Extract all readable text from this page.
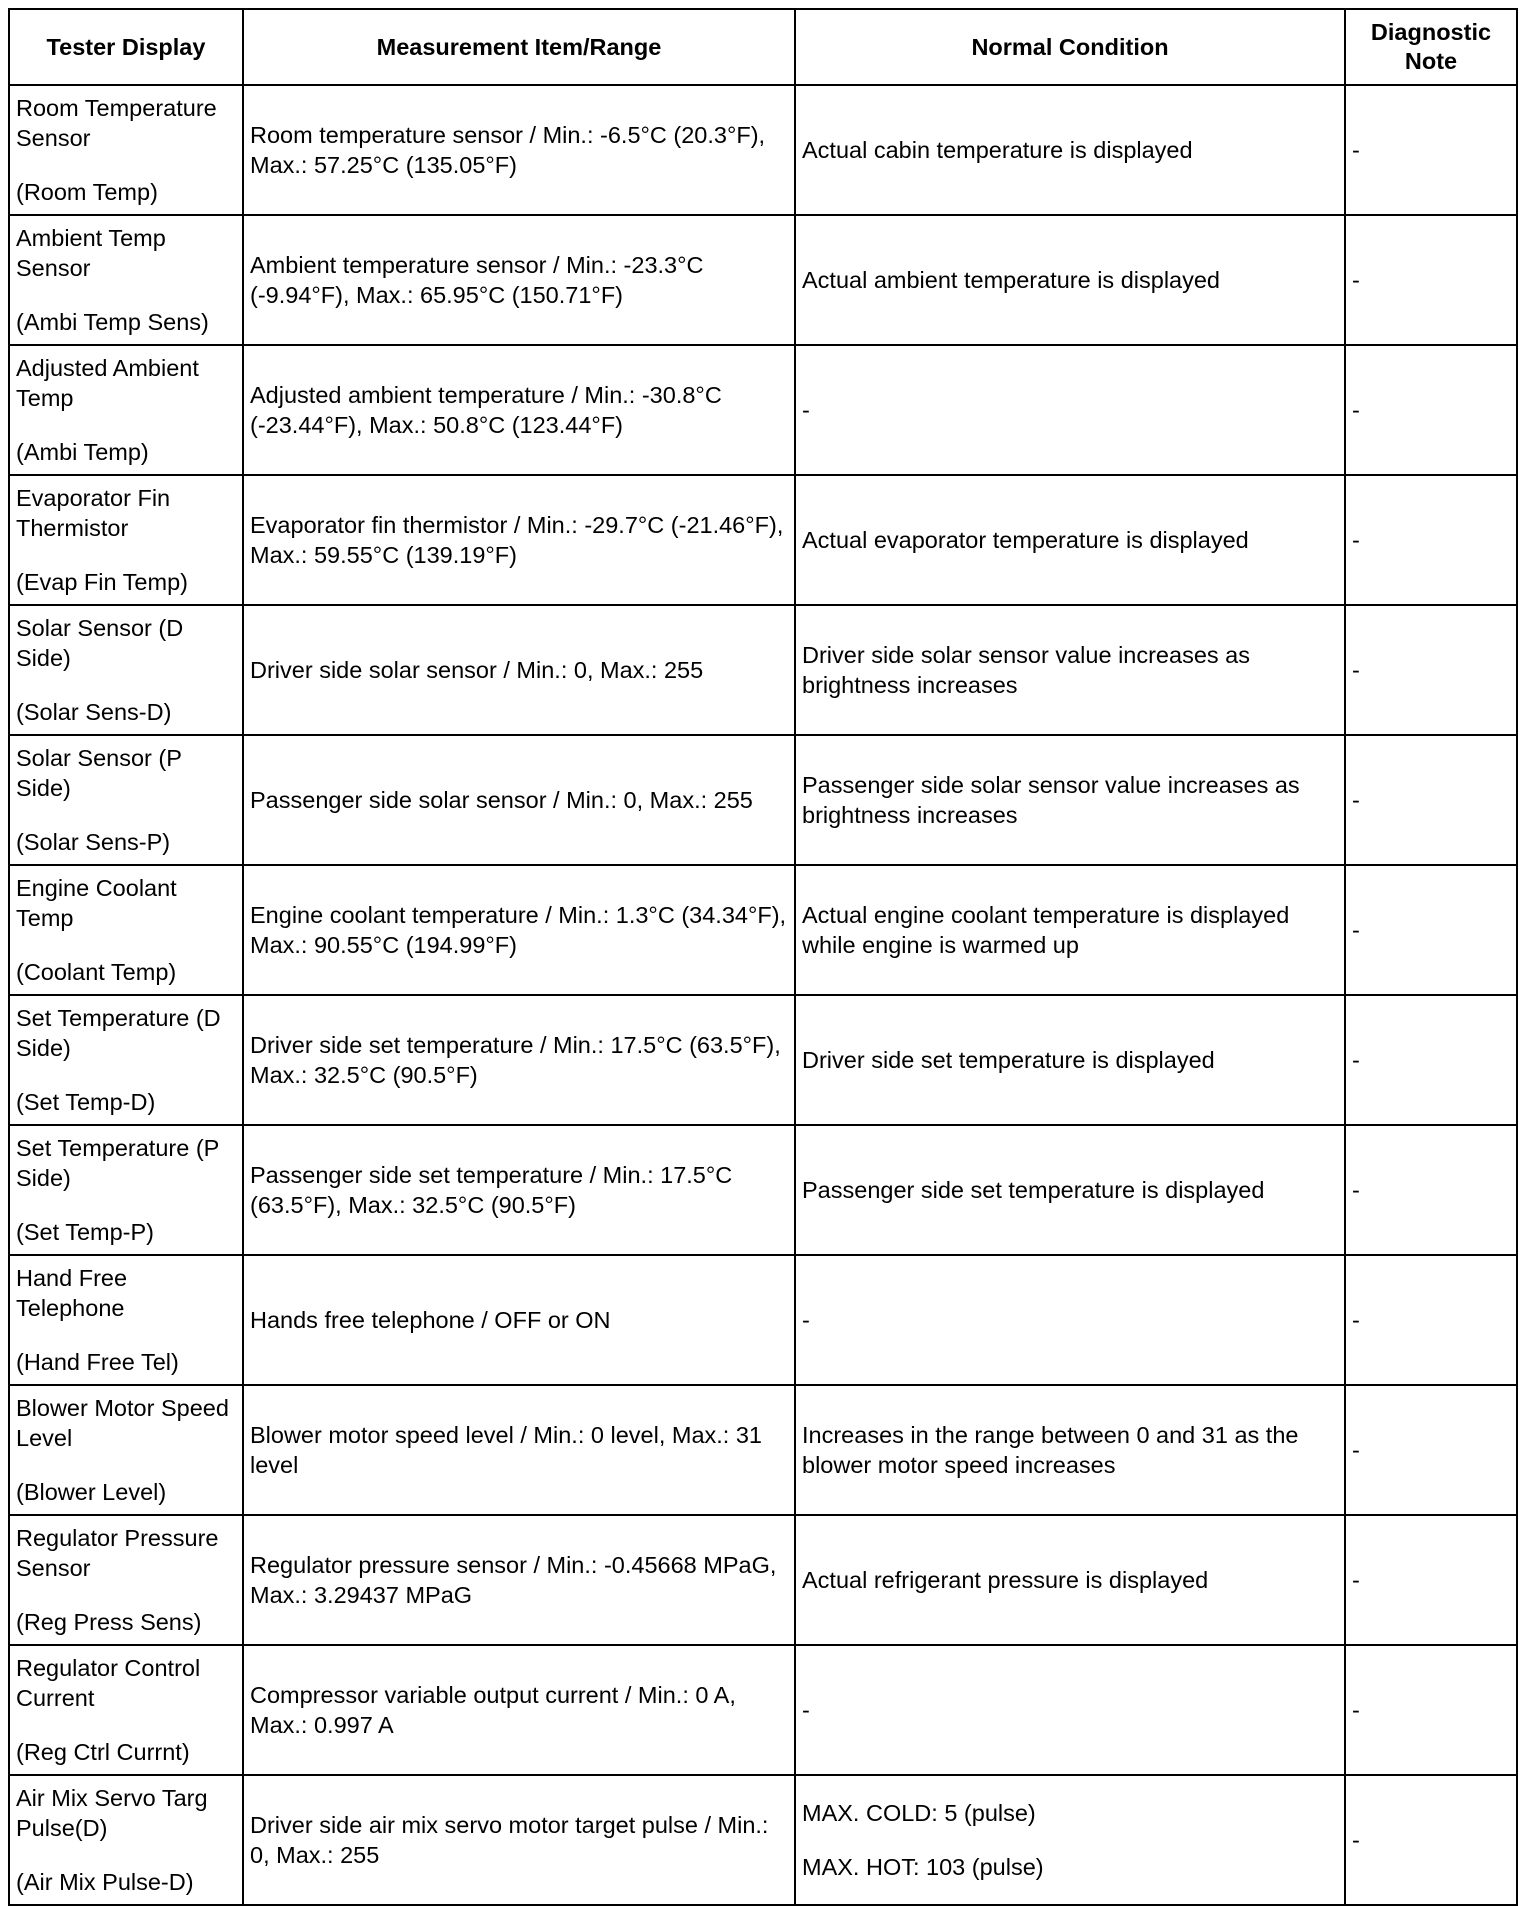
Tester Display	Measurement Item/Range	Normal Condition	Diagnostic
Note

Room Temperature Sensor
(Room Temp)	Room temperature sensor / Min.: -6.5°C (20.3°F), Max.: 57.25°C (135.05°F)	Actual cabin temperature is displayed	-

Ambient Temp Sensor
(Ambi Temp Sens)	Ambient temperature sensor / Min.: -23.3°C (-9.94°F), Max.: 65.95°C (150.71°F)	Actual ambient temperature is displayed	-

Adjusted Ambient Temp
(Ambi Temp)	Adjusted ambient temperature / Min.: -30.8°C (-23.44°F), Max.: 50.8°C (123.44°F)	-	-

Evaporator Fin Thermistor
(Evap Fin Temp)	Evaporator fin thermistor / Min.: -29.7°C (-21.46°F), Max.: 59.55°C (139.19°F)	Actual evaporator temperature is displayed	-

Solar Sensor (D Side)
(Solar Sens-D)	Driver side solar sensor / Min.: 0, Max.: 255	Driver side solar sensor value increases as brightness increases	-

Solar Sensor (P Side)
(Solar Sens-P)	Passenger side solar sensor / Min.: 0, Max.: 255	Passenger side solar sensor value increases as brightness increases	-

Engine Coolant Temp
(Coolant Temp)	Engine coolant temperature / Min.: 1.3°C (34.34°F), Max.: 90.55°C (194.99°F)	Actual engine coolant temperature is displayed while engine is warmed up	-

Set Temperature (D Side)
(Set Temp-D)	Driver side set temperature / Min.: 17.5°C (63.5°F), Max.: 32.5°C (90.5°F)	Driver side set temperature is displayed	-

Set Temperature (P Side)
(Set Temp-P)	Passenger side set temperature / Min.: 17.5°C (63.5°F), Max.: 32.5°C (90.5°F)	Passenger side set temperature is displayed	-

Hand Free Telephone
(Hand Free Tel)	Hands free telephone / OFF or ON	-	-

Blower Motor Speed Level
(Blower Level)	Blower motor speed level / Min.: 0 level, Max.: 31 level	Increases in the range between 0 and 31 as the blower motor speed increases	-

Regulator Pressure Sensor
(Reg Press Sens)	Regulator pressure sensor / Min.: -0.45668 MPaG, Max.: 3.29437 MPaG	Actual refrigerant pressure is displayed	-

Regulator Control Current
(Reg Ctrl Currnt)	Compressor variable output current / Min.: 0 A, Max.: 0.997 A	-	-

Air Mix Servo Targ Pulse(D)
(Air Mix Pulse-D)	Driver side air mix servo motor target pulse / Min.: 0, Max.: 255	MAX. COLD: 5 (pulse)
MAX. HOT: 103 (pulse)	-
